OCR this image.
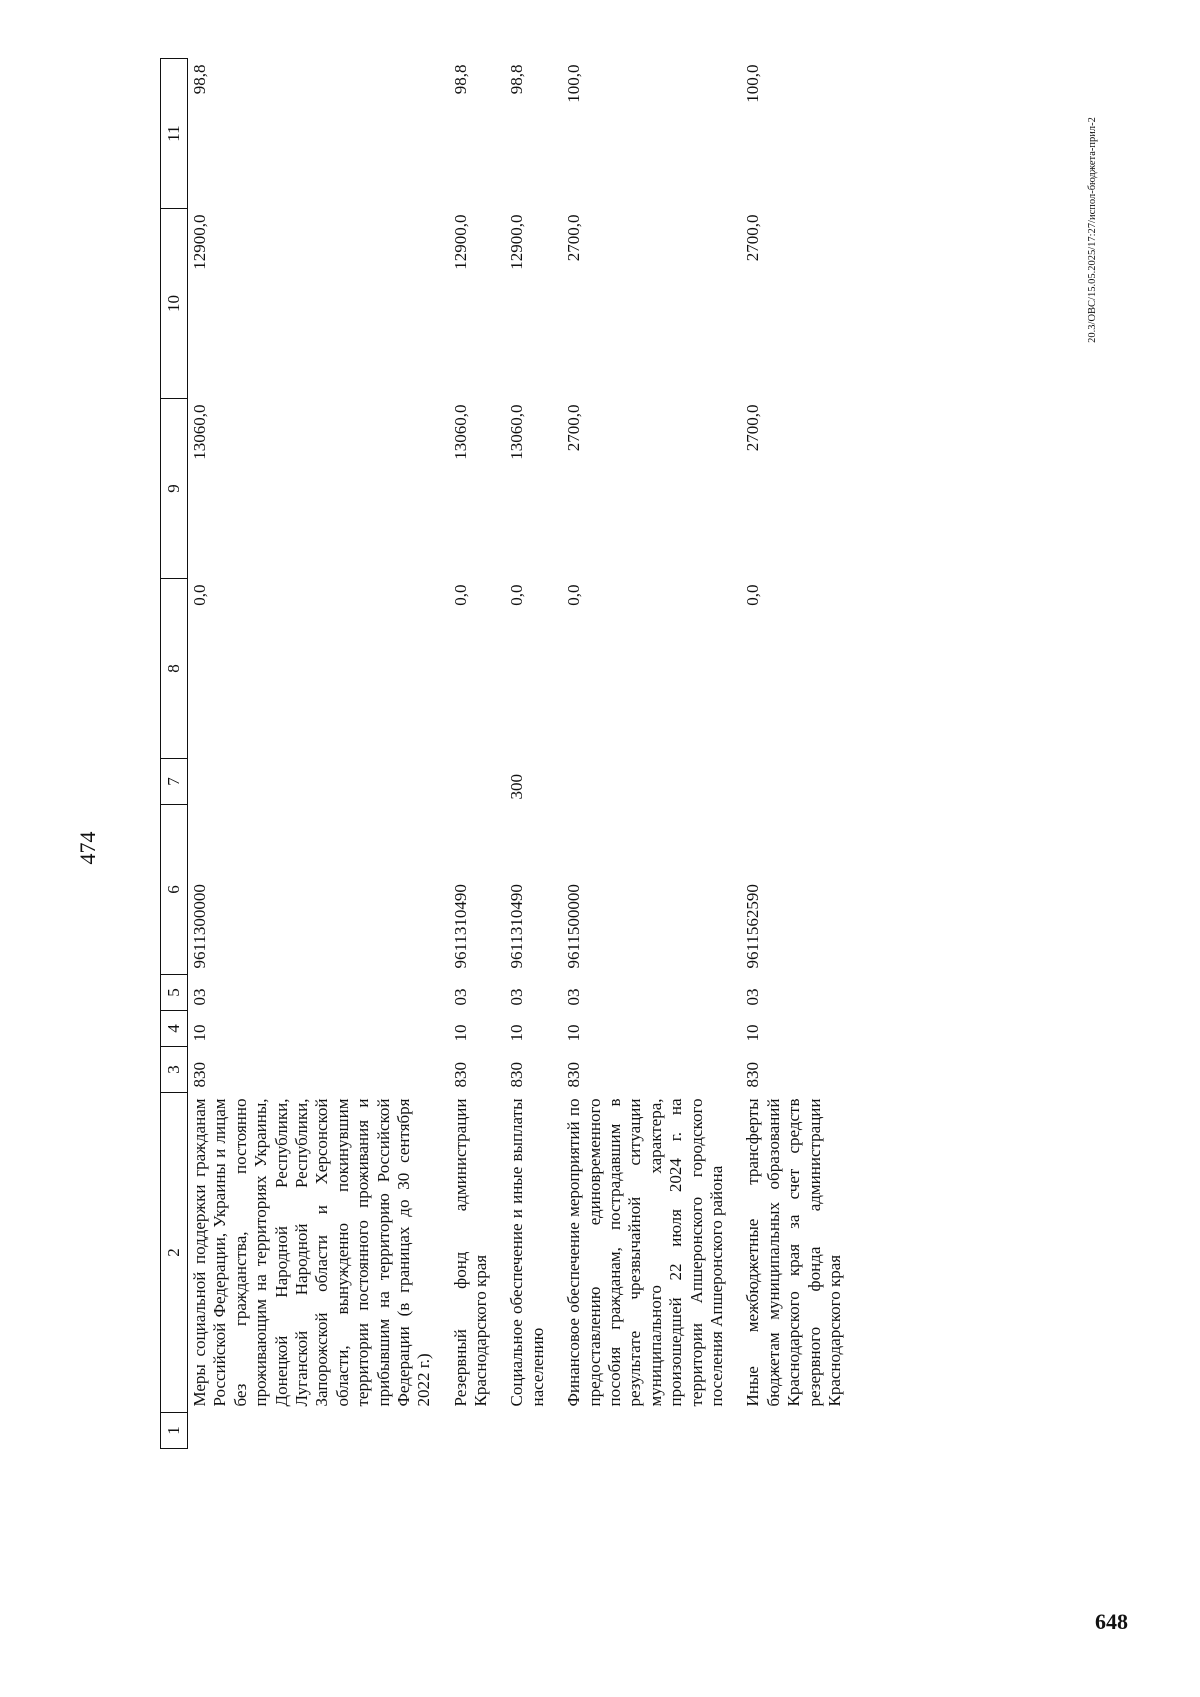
474
1	2	3	4	5	6	7	8	9	10	11
	Меры социальной поддержки гражданам Российской Федерации, Украины и лицам без гражданства, постоянно проживающим на территориях Украины, Донецкой Народной Республики, Луганской Народной Республики, Запорожской области и Херсонской области, вынужденно покинувшим территории постоянного проживания и прибывшим на территорию Российской Федерации (в границах до 30 сентября 2022 г.)	830	10	03	9611300000		0,0	13060,0	12900,0	98,8
	Резервный фонд администрации Краснодарского края	830	10	03	9611310490		0,0	13060,0	12900,0	98,8
	Социальное обеспечение и иные выплаты населению	830	10	03	9611310490	300	0,0	13060,0	12900,0	98,8
	Финансовое обеспечение мероприятий по предоставлению единовременного пособия гражданам, пострадавшим в результате чрезвычайной ситуации муниципального характера, произошедшей 22 июля 2024 г. на территории Апшеронского городского поселения Апшеронского района	830	10	03	9611500000		0,0	2700,0	2700,0	100,0
	Иные межбюджетные трансферты бюджетам муниципальных образований Краснодарского края за счет средств резервного фонда администрации Краснодарского края	830	10	03	9611562590		0,0	2700,0	2700,0	100,0
20.3/ОВС/15.05.2025/17:27/испол-бюджета-прил-2
648
